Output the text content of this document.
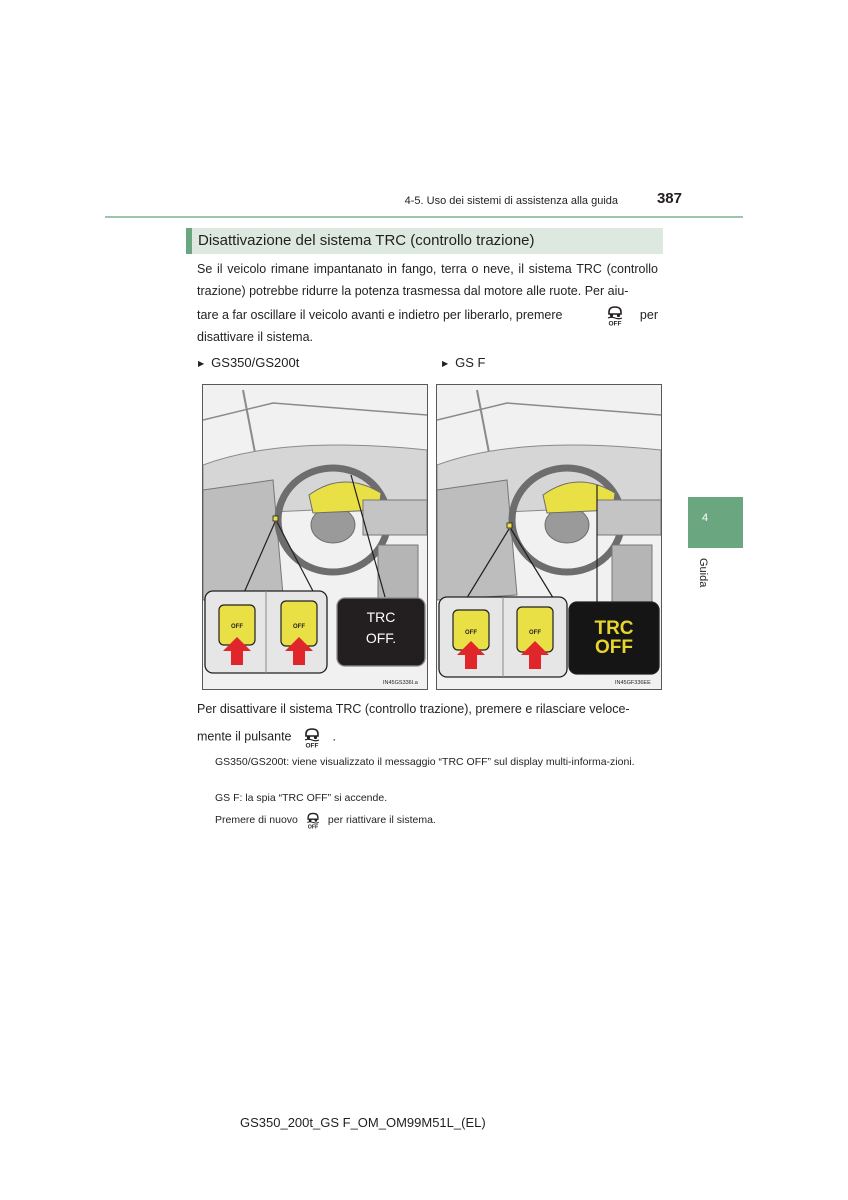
4-5. Uso dei sistemi di assistenza alla guida	387
4
Guida
Disattivazione del sistema TRC (controllo trazione)
Se il veicolo rimane impantanato in fango, terra o neve, il sistema TRC (controllo trazione) potrebbe ridurre la potenza trasmessa dal motore alle ruote. Per aiu-
tare a far oscillare il veicolo avanti e indietro per liberarlo, premere
OFF
per
disattivare il sistema.
▶ GS350/GS200t	▶ GS F
OFF	OFF
TRC
OFF.
IN45GS336I.a
OFF	OFF	TRC
OFF
IN45GF336EE
Per disattivare il sistema TRC (controllo trazione), premere e rilasciare veloce-
mente il pulsante
OFF
.
GS350/GS200t: viene visualizzato il messaggio “TRC OFF” sul display multi-informa-zioni.
GS F: la spia “TRC OFF” si accende.
Premere di nuovo
OFF
per riattivare il sistema.
GS350_200t_GS F_OM_OM99M51L_(EL)
